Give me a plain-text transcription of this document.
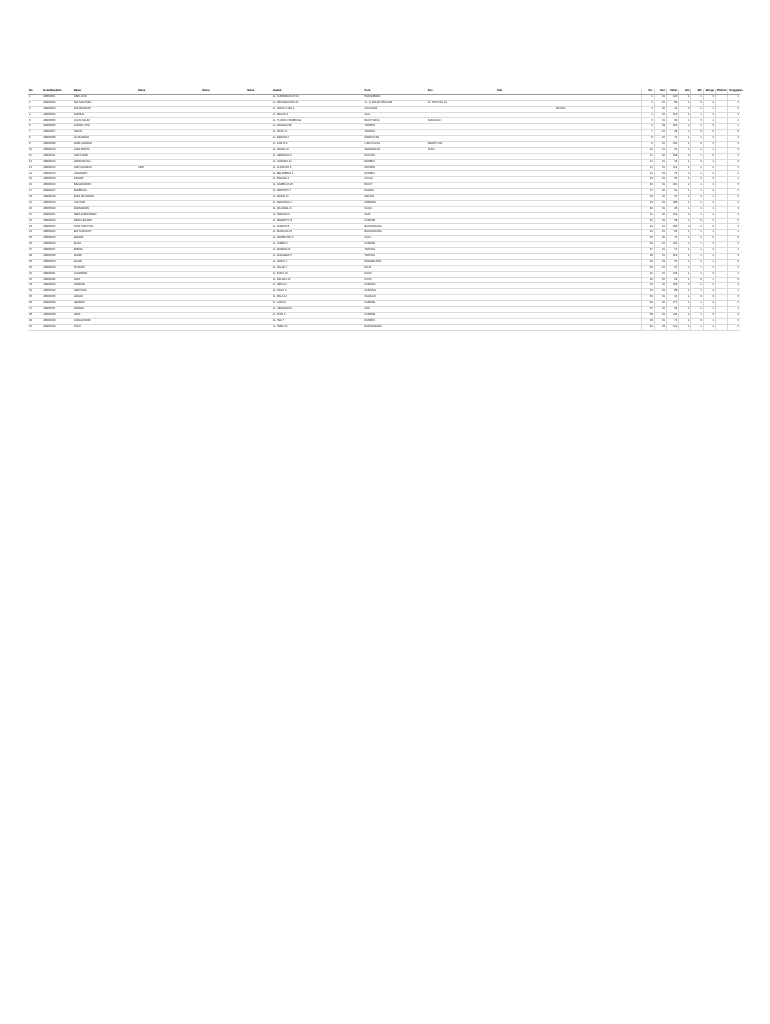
No.	Kode/Nasabah	Nama	Nama	Nama	Nama	Alamat	Kota	Kec.	Kab.				No.	Seri	Saldo	Bln	Blk	Bunga	Plafond	Tunggakan
1	AB000001	ABDI JAYA				JL. SUDIRMAN NO 12	PEKANBARU						1	01	120	1	1	3		1
2	AB000002	ADI SANTOSA				JL. DIPONEGORO 21	JL. H. RAHAYUSSALIM	JL. RAYA NO 12					2	01	85	1	0	2		2
3	AB000003	ADI WINARTO				JL. HANG TUAH 4	SUKAJADI			BAGAN			3	02	44	2	1	1		0
4	AB000004	AFRIZAL				JL. MELATI 3	SAIL						4	01	210	1	1	2		3
5	AB000005	AGUS SALIM				JL. TUANKU TAMBUSAI	BUKIT RAYA	SUKAJADI					5	01	96	1	0	4		2
6	AB000006	AHMAD YANI				JL. NANGKA 88	TAMPAN						6	03	330	3	2	5		1
7	AB000007	AINUN				JL. PAUS 17	TAMPAN						7	01	18	1	0	0		0
8	AB000008	ALI BASRAH				JL. SERUNI 2	MARPOYAN						8	02	72	1	1	2		1
9	AB000009	AMIR HAMZAH				JL. KARYA 6	LIMA PULUH	MARPOYAN					9	01	150	1	0	3		2
10	AB000010	ANDI MARTA				JL. DAMAI 10	SENAPELAN	SUKA					10	01	64	1	1	1		4
11	AB000011	ANITA SARI				JL. CEMPAKA 9	PAYUNG						11	02	248	2	1	6		3
12	AB000012	ARDIANSYAH				JL. GARUDA 14	RUMBAI						12	01	39	1	0	1		0
13	AB000013	ARIF RAHMAN	ARIF			JL. KUANTAN 5	PESISIR						13	01	112	1	1	2		1
14	AB000014	ASMAWATI				JL. BELIMBING 3	RUMBAI						14	03	76	1	1	3		2
15	AB000015	AZHARI				JL. PINANG 2	KUALU						15	01	54	1	0	0		1
16	AB000016	BAHARUDDIN				JL. KAMBOJA 18	BUKIT						16	01	201	2	1	4		5
17	AB000017	BAMBANG				JL. PERINTIS 7	PANAM						17	02	91	1	1	2		1
18	AB000018	BUDI SETIAWAN				JL. ARIFIN 11	DELIMA						18	01	67	1	0	1		0
19	AB000019	CAHYADI				JL. KENANGA 4	SIMPANG						19	01	188	1	1	3		2
20	AB000020	DARMAWAN				JL. RAJAWALI 2	SAGU						20	01	45	1	1	1		3
21	AB000021	DEDI KURNIAWAN				JL. TERATAI 6	SIAK						21	02	132	2	1	2		1
22	AB000022	DEWI LESTARI				JL. MERANTI 13	KAMPAR						22	01	58	1	0	2		0
23	AB000023	DONI SAPUTRA				JL. DURIAN 8	BANGKINANG						23	01	299	3	2	5		4
24	AB000024	EDI SUSANTO				JL. MANGGA 15	BANGKINANG						24	01	83	1	1	1		1
25	AB000025	EFENDI				JL. RAMBUTAN 9	SALO						25	02	47	1	0	0		0
26	AB000026	ELIZA				JL. JAMBU 1	KAMPAR						26	01	164	1	1	3		2
27	AB000027	ERWIN				JL. MAWAR 22	TAPUNG						27	01	71	1	1	2		1
28	AB000028	FAHMI				JL. ANGGREK 5	TAPUNG						28	01	226	2	1	4		3
29	AB000029	FAJAR				JL. SAWO 3	PERHENTIAN						29	03	52	1	0	1		0
30	AB000030	FITRIANI				JL. SALAK 7	RAJA						30	01	97	1	1	2		2
31	AB000031	GUNAWAN				JL. DUKU 10	KUOK						31	01	139	1	1	3		1
32	AB000032	HADI				JL. KELAPA 16	KUOK						32	02	63	1	0	1		0
33	AB000033	HAMDAN				JL. NIPAH 2	KUBANG						33	01	205	2	1	4		4
34	AB000034	HARTONO				JL. SAGU 4	GUNUNG						34	01	88	1	1	2		1
35	AB000035	HASAN				JL. PALA 12	SAHILAN						35	01	41	1	0	0		0
36	AB000036	HENDRA				JL. LADA 6	KAMPAR						36	02	177	1	1	3		2
37	AB000037	IRAWAN				JL. CENGKEH 9	KIRI						37	01	59	1	1	1		1
38	AB000038	IRMA				JL. KOPI 3	KAMPAR						38	01	243	2	1	5		3
39	AB000039	JAMALUDDIN				JL. TEH 7	RUMBIO						39	01	74	1	0	1		0
40	AB000040	JOKO				JL. TEBU 14	BANGKINANG						40	03	121	1	1	2		2
